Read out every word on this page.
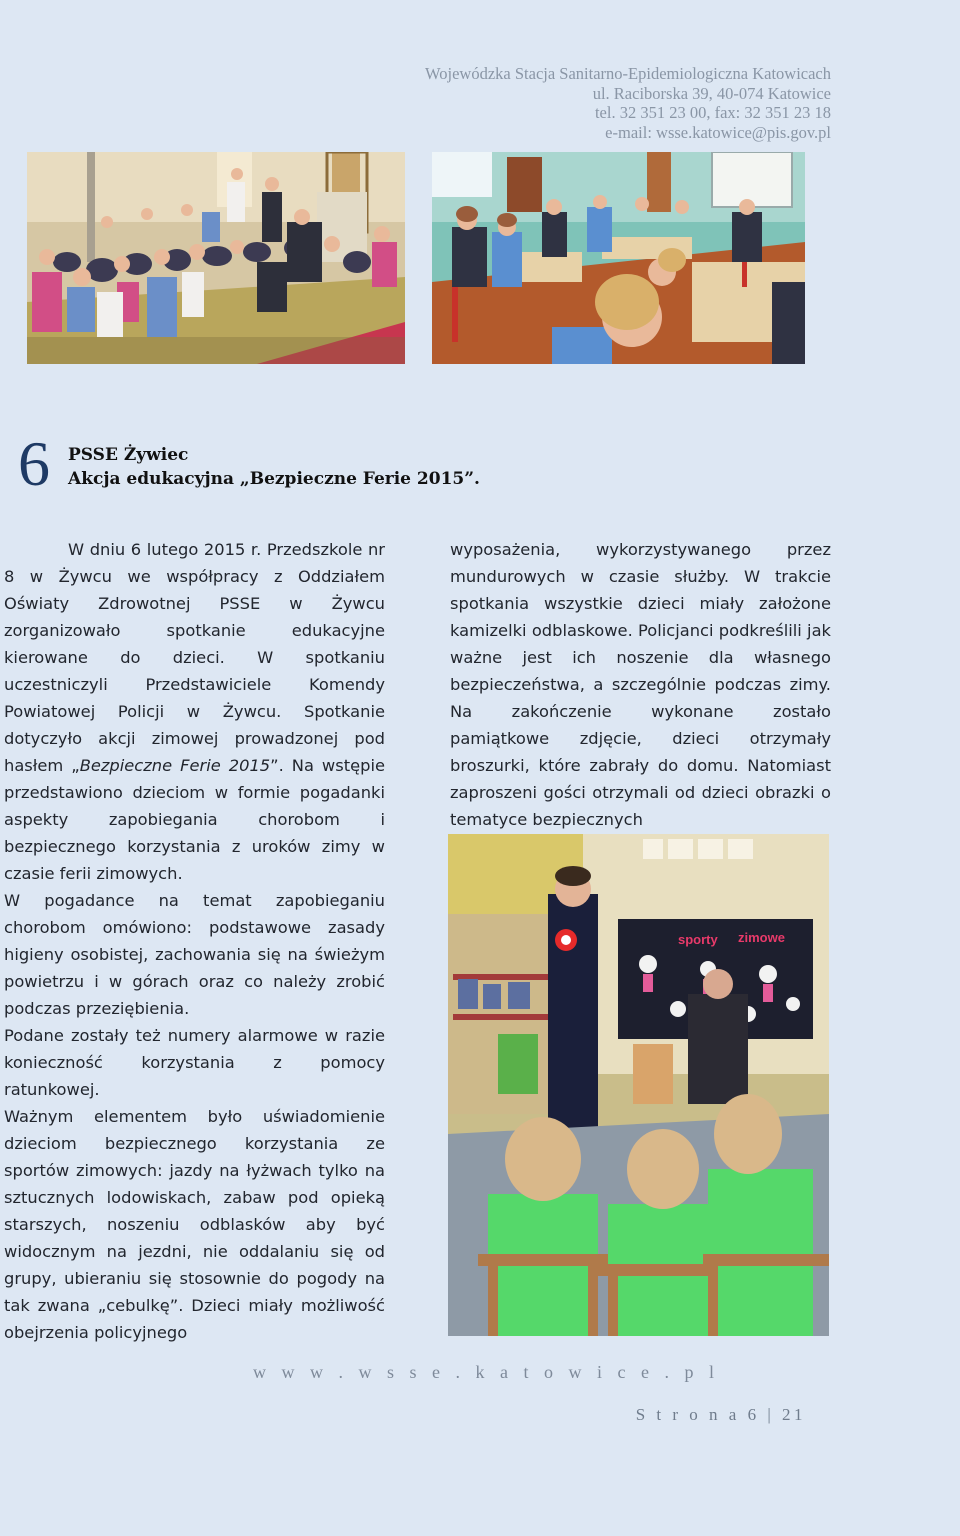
Wojewódzka Stacja Sanitarno-Epidemiologiczna Katowicach
ul. Raciborska 39, 40-074 Katowice
tel. 32 351 23 00, fax: 32 351 23 18
e-mail: wsse.katowice@pis.gov.pl
6 PSSE Żywiec
Akcja edukacyjna „Bezpieczne Ferie 2015”.

W dniu 6 lutego 2015 r. Przedszkole nr 8 w Żywcu we współpracy z Oddziałem Oświaty Zdrowotnej PSSE w Żywcu zorganizowało spotkanie edukacyjne kierowane do dzieci. W spotkaniu uczestniczyli Przedstawiciele Komendy Powiatowej Policji w Żywcu. Spotkanie dotyczyło akcji zimowej prowadzonej pod hasłem „Bezpieczne Ferie 2015”. Na wstępie przedstawiono dzieciom w formie pogadanki aspekty zapobiegania chorobom i bezpiecznego korzystania z uroków zimy w czasie ferii zimowych.

W pogadance na temat zapobieganiu chorobom omówiono: podstawowe zasady higieny osobistej, zachowania się na świeżym powietrzu i w górach oraz co należy zrobić podczas przeziębienia.

Podane zostały też numery alarmowe w razie konieczność korzystania z pomocy ratunkowej.

Ważnym elementem było uświadomienie dzieciom bezpiecznego korzystania ze sportów zimowych: jazdy na łyżwach tylko na sztucznych lodowiskach, zabaw pod opieką starszych, noszeniu odblasków aby być widocznym na jezdni, nie oddalaniu się od grupy, ubieraniu się stosownie do pogody na tak zwana „cebulkę”. Dzieci miały możliwość obejrzenia policyjnego

wyposażenia, wykorzystywanego przez mundurowych w czasie służby. W trakcie spotkania wszystkie dzieci miały założone kamizelki odblaskowe. Policjanci podkreślili jak ważne jest ich noszenie dla własnego bezpieczeństwa, a szczególnie podczas zimy. Na zakończenie wykonane zostało pamiątkowe zdjęcie, dzieci otrzymały broszurki, które zabrały do domu. Natomiast zaproszeni gości otrzymali od dzieci obrazki o tematyce bezpiecznych

sporty zimowe
w w w . w s s e . k a t o w i c e . p l
S t r o n a 6 | 21
